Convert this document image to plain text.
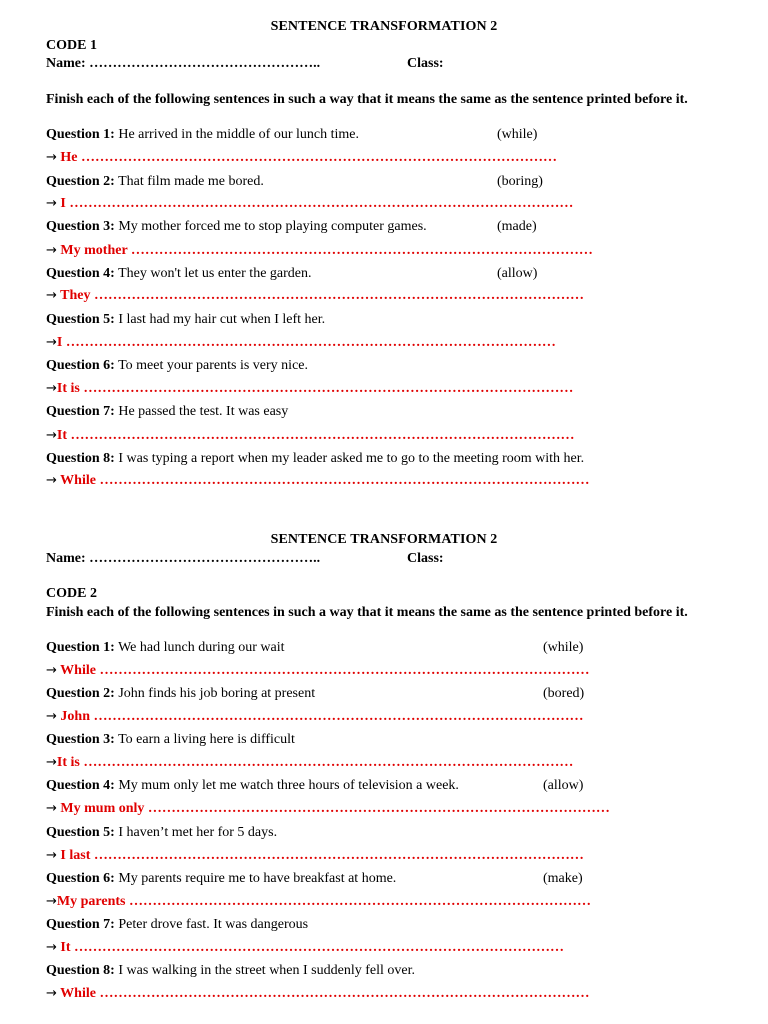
SENTENCE TRANSFORMATION 2
CODE 1
Name: …………………………………………..	Class:
Finish each of the following sentences in such a way that it means the same as the sentence printed before it.
Question 1: He arrived in the middle of our lunch time.	(while)
→ He …………………………………………………………………………………………
Question 2: That film made me bored.	(boring)
→ I ………………………………………………………………………………………………
Question 3: My mother forced me to stop playing computer games.	(made)
→ My mother ………………………………………………………………………………………
Question 4: They won't let us enter the garden.	(allow)
→ They ……………………………………………………………………………………………
Question 5: I last had my hair cut when I left her.
→I ……………………………………………………………………………………………
Question 6: To meet your parents is very nice.
→It is ……………………………………………………………………………………………
Question 7: He passed the test. It was easy
→It ………………………………………………………………………………………………
Question 8: I was typing a report when my leader asked me to go to the meeting room with her.
→ While ……………………………………………………………………………………………
SENTENCE TRANSFORMATION 2
Name: …………………………………………..	Class:
CODE 2
Finish each of the following sentences in such a way that it means the same as the sentence printed before it.
Question 1: We had lunch during our wait	(while)
→ While ……………………………………………………………………………………………
Question 2: John finds his job boring at present	(bored)
→ John ……………………………………………………………………………………………
Question 3: To earn a living here is difficult
→It is ……………………………………………………………………………………………
Question 4: My mum only let me watch three hours of television a week.	(allow)
→ My mum only ………………………………………………………………………………………
Question 5: I haven’t met her for 5 days.
→ I last ……………………………………………………………………………………………
Question 6: My parents require me to have breakfast at home.	(make)
→My parents ………………………………………………………………………………………
Question 7: Peter drove fast. It was dangerous
→ It ……………………………………………………………………………………………
Question 8: I was walking in the street when I suddenly fell over.
→ While ……………………………………………………………………………………………
